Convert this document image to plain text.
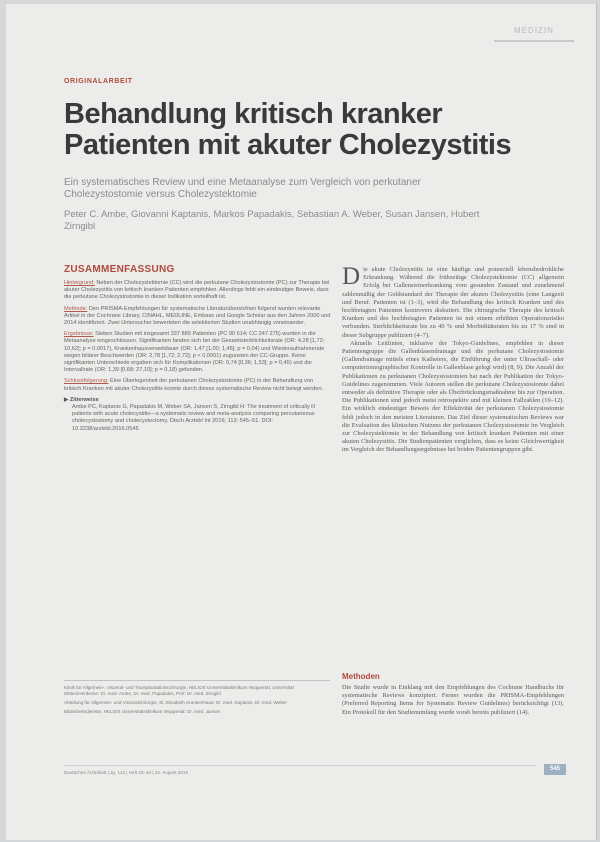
MEDIZIN
ORIGINALARBEIT
Behandlung kritisch kranker Patienten mit akuter Cholezystitis
Ein systematisches Review und eine Metaanalyse zum Vergleich von perkutaner Cholezystostomie versus Cholezystektomie
Peter C. Ambe, Giovanni Kaptanis, Markos Papadakis, Sebastian A. Weber, Susan Jansen, Hubert Zirngibl
ZUSAMMENFASSUNG

Hintergrund: Neben der Cholezystektomie (CC) wird die perkutane Cholezystostomie (PC) zur Therapie bei akuter Cholezystitis von kritisch kranken Patienten empfohlen. Allerdings fehlt ein eindeutiger Beweis, dass die perkutane Cholezystostomie in dieser Indikation vorteilhaft ist.

Methode: Den PRISMA-Empfehlungen für systematische Literaturübersichten folgend wurden relevante Artikel in der Cochrane Library, CINAHL, MEDLINE, Embase und Google Scholar aus den Jahren 2000 und 2014 identifiziert. Zwei Untersucher bewerteten die selektierten Studien unabhängig voneinander.

Ergebnisse: Sieben Studien mit insgesamt 337 889 Patienten (PC 90 614; CC 247 275) wurden in die Metaanalyse eingeschlossen. Signifikanten fanden sich bei der Gesamtsterblichkeitsrate (OR: 4,28 [1,72; 10,62]; p = 0,0017), Krankenhausverweildauer (OR: 1,47 [1,00; 1,46]; p = 0,04) und Wiederaufnahmerate wegen biliärer Beschwerden (OR: 2,78 [1,72; 2,72]; p < 0,0001) zugunsten der CC-Gruppe. Keine signifikanten Unterschiede ergaben sich für Komplikationen (OR: 0,74 [0,36; 1,53]; p = 0,45) und die Intervallrate (OR: 1,39 [0,68; 27,10]; p = 0,18) gefunden.

Schlussfolgerung: Eine Überlegenheit der perkutanen Cholezystostomie (PC) in der Behandlung von kritisch Kranken mit akuter Cholezystitis konnte durch dieses systematische Review nicht belegt werden.

▶ Zitierweise
Ambe PC, Kaptanis G, Papadakis M, Weber SA, Jansen S, Zirngibl H: The treatment of critically ill patients with acute cholecystitis—a systematic review and meta-analysis comparing percutaneous cholecystostomy and cholecystectomy. Dtsch Arztebl Int 2016; 113: 545–51. DOI: 10.3238/arztebl.2016.0545
D ie akute Cholezystitis ist eine häufige und potenziell lebensbedrohliche Erkrankung. Während die frühzeitige Cholezystektomie (CC) allgemein Erfolg bei Gallensteinerkrankung vom gesunden Zustand und zunehmend zahlenmäßig der Goldstandard der Therapie der akuten Cholezystitis (eine Langzeit und Beruf. Patienten ist (1–3), wird die Behandlung des kritisch Kranken und des hochbetagten Patienten kontrovers diskutiert. Die chirurgische Therapie des kritisch Kranken und des hochbetagten Patienten ist mit einem erhöhten Operationsrisiko verbunden. Sterblichkeitsrate bis zu 40 % und Morbiditätsraten bis zu 17 % sind in dieser Subgruppe publiziert (4–7).

Aktuelle Leitlinien, inklusive der Tokyo-Guidelines, empfehlen in dieser Patientengruppe die Gallenblasendrainage und die perkutane Cholezystostomie (Gallendrainage mittels eines Katheters, die Einführung der unter Ultraschall- oder computertomographischer Kontrolle in Gallenblase gelegt wird) (8, 9). Die Anzahl der Publikationen zu perkutanen Cholezystostomien hat nach der Publikation der Tokyo-Guidelines zugenommen. Viele Autoren stellen die perkutane Cholezystostomie dabei entweder als definitive Therapie oder als Überbrückungsmaßnahme bis zur Operation. Die Publikationen sind jedoch meist retrospektiv und mit kleinen Fallzahlen (10–12). Ein wirklich eindeutiger Beweis der Effektivität der perkutanen Cholezystostomie fehlt jedoch in den meisten Literaturen. Das Ziel dieser systematischen Reviews war die Evaluation des klinischen Nutzens der perkutanen Cholezystostomie im Vergleich zur Cholezystektomie in der Behandlung von kritisch kranken Patienten mit einer akuten Cholezystitis. Die Studienpatienten verglichen, dass es keine Gleichwertigkeit im Vergleich der Behandlungsergebnisse bei beiden Patientengruppen gibt.

Methoden
Die Studie wurde in Einklang mit den Empfehlungen des Cochrane Handbuchs für systematische Reviews konzipiert. Ferner wurden die PRISMA-Empfehlungen (Preferred Reporting Items for Systematic Review Guidelines) berücksichtigt (13). Ein Protokoll für den Studienumfang wurde vorab bereits publiziert (14).
Klinik für Allgemein-, Viszeral- und Transplantationschirurgie, HELIOS Universitätsklinikum Wuppertal, Universität Witten/Herdecke: Dr. med. Ambe, Dr. med. Papadakis, Prof. Dr. med. Zirngibl
Abteilung für Allgemein- und Viszeralchirurgie, St. Elisabeth Krankenhaus: Dr. med. Kaptanis, Dr. med. Weber
Bibliotheksdienste, HELIOS Universitätsklinikum Wuppertal: Dr. med. Jansen
Deutsches Ärzteblatt | Jg. 113 | Heft 33–34 | 22. August 2016
545
